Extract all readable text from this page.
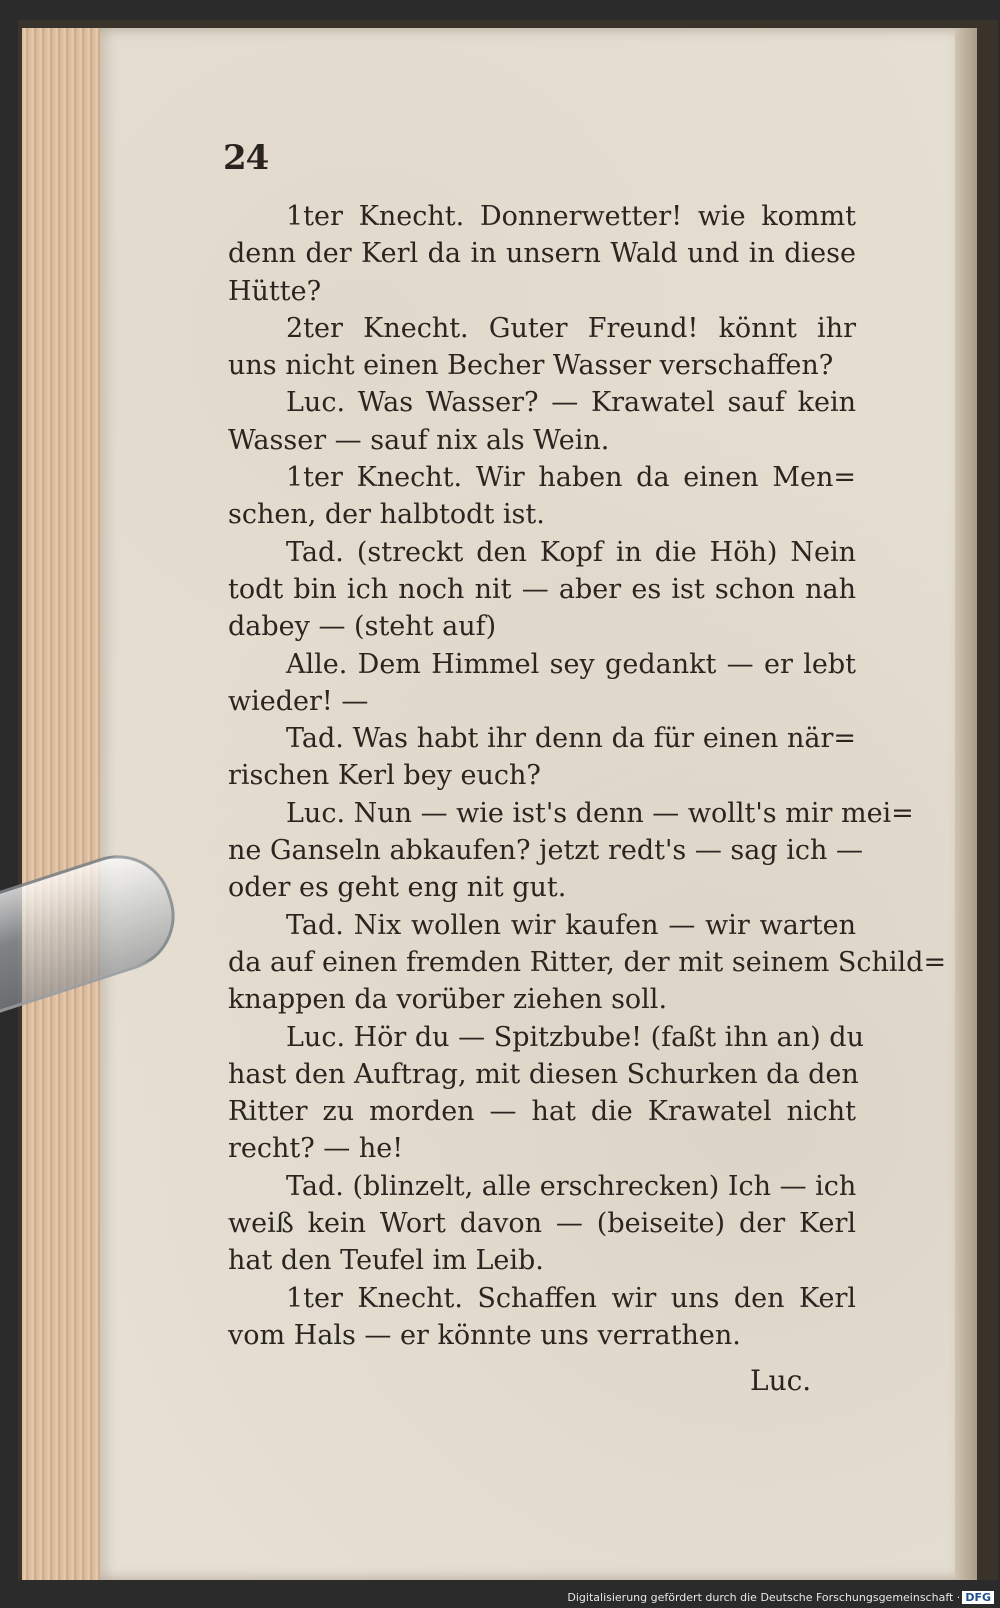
24
1ter Knecht. Donnerwetter! wie kommt
denn der Kerl da in unsern Wald und in diese
Hütte?
2ter Knecht. Guter Freund! könnt ihr
uns nicht einen Becher Wasser verschaffen?
Luc. Was Wasser? — Krawatel sauf kein
Wasser — sauf nix als Wein.
1ter Knecht. Wir haben da einen Men=
schen, der halbtodt ist.
Tad. (streckt den Kopf in die Höh) Nein
todt bin ich noch nit — aber es ist schon nah
dabey — (steht auf)
Alle. Dem Himmel sey gedankt — er lebt
wieder! —
Tad. Was habt ihr denn da für einen när=
rischen Kerl bey euch?
Luc. Nun — wie ist's denn — wollt's mir mei=
ne Ganseln abkaufen? jetzt redt's — sag ich —
oder es geht eng nit gut.
Tad. Nix wollen wir kaufen — wir warten
da auf einen fremden Ritter, der mit seinem Schild=
knappen da vorüber ziehen soll.
Luc. Hör du — Spitzbube! (faßt ihn an) du
hast den Auftrag, mit diesen Schurken da den
Ritter zu morden — hat die Krawatel nicht
recht? — he!
Tad. (blinzelt, alle erschrecken) Ich — ich
weiß kein Wort davon — (beiseite) der Kerl
hat den Teufel im Leib.
1ter Knecht. Schaffen wir uns den Kerl
vom Hals — er könnte uns verrathen.
Luc.
Digitalisierung gefördert durch die Deutsche Forschungsgemeinschaft · DFG
